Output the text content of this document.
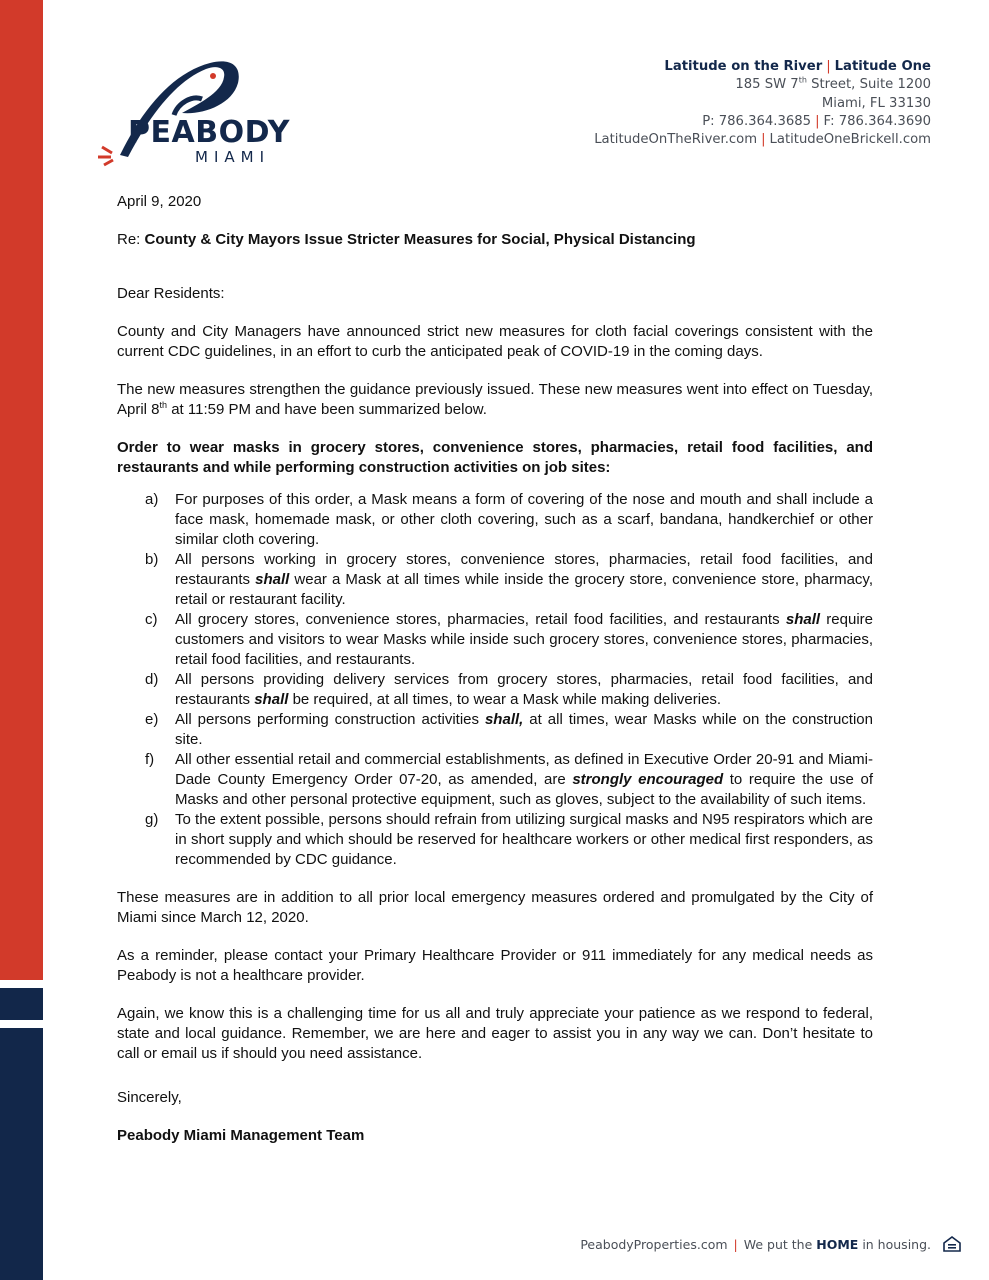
PEABODY
MIAMI
Latitude on the River | Latitude One
185 SW 7th Street, Suite 1200
Miami, FL 33130
P: 786.364.3685 | F: 786.364.3690
LatitudeOnTheRiver.com | LatitudeOneBrickell.com

April 9, 2020

Re: County & City Mayors Issue Stricter Measures for Social, Physical Distancing

Dear Residents:

County and City Managers have announced strict new measures for cloth facial coverings consistent with the current CDC guidelines, in an effort to curb the anticipated peak of COVID-19 in the coming days.

The new measures strengthen the guidance previously issued. These new measures went into effect on Tuesday, April 8th at 11:59 PM and have been summarized below.

Order to wear masks in grocery stores, convenience stores, pharmacies, retail food facilities, and restaurants and while performing construction activities on job sites:

a) For purposes of this order, a Mask means a form of covering of the nose and mouth and shall include a face mask, homemade mask, or other cloth covering, such as a scarf, bandana, handkerchief or other similar cloth covering.
b) All persons working in grocery stores, convenience stores, pharmacies, retail food facilities, and restaurants shall wear a Mask at all times while inside the grocery store, convenience store, pharmacy, retail or restaurant facility.
c) All grocery stores, convenience stores, pharmacies, retail food facilities, and restaurants shall require customers and visitors to wear Masks while inside such grocery stores, convenience stores, pharmacies, retail food facilities, and restaurants.
d) All persons providing delivery services from grocery stores, pharmacies, retail food facilities, and restaurants shall be required, at all times, to wear a Mask while making deliveries.
e) All persons performing construction activities shall, at all times, wear Masks while on the construction site.
f) All other essential retail and commercial establishments, as defined in Executive Order 20-91 and Miami-Dade County Emergency Order 07-20, as amended, are strongly encouraged to require the use of Masks and other personal protective equipment, such as gloves, subject to the availability of such items.
g) To the extent possible, persons should refrain from utilizing surgical masks and N95 respirators which are in short supply and which should be reserved for healthcare workers or other medical first responders, as recommended by CDC guidance.

These measures are in addition to all prior local emergency measures ordered and promulgated by the City of Miami since March 12, 2020.

As a reminder, please contact your Primary Healthcare Provider or 911 immediately for any medical needs as Peabody is not a healthcare provider.

Again, we know this is a challenging time for us all and truly appreciate your patience as we respond to federal, state and local guidance. Remember, we are here and eager to assist you in any way we can. Don’t hesitate to call or email us if should you need assistance.

Sincerely,

Peabody Miami Management Team

PeabodyProperties.com | We put the HOME in housing.
